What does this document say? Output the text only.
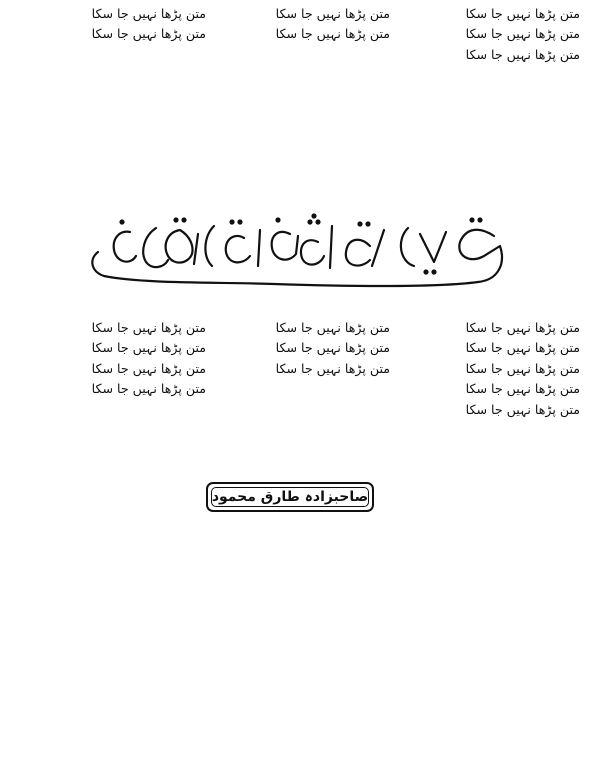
متن پڑھا نہیں جا سکا

متن پڑھا نہیں جا سکا

متن پڑھا نہیں جا سکا

متن پڑھا نہیں جا سکا

متن پڑھا نہیں جا سکا

متن پڑھا نہیں جا سکا

متن پڑھا نہیں جا سکا

متن پڑھا نہیں جا سکا

متن پڑھا نہیں جا سکا

متن پڑھا نہیں جا سکا

متن پڑھا نہیں جا سکا

متن پڑھا نہیں جا سکا

متن پڑھا نہیں جا سکا

متن پڑھا نہیں جا سکا

متن پڑھا نہیں جا سکا

متن پڑھا نہیں جا سکا

متن پڑھا نہیں جا سکا

متن پڑھا نہیں جا سکا

متن پڑھا نہیں جا سکا

صاحبزادہ طارق محمود
